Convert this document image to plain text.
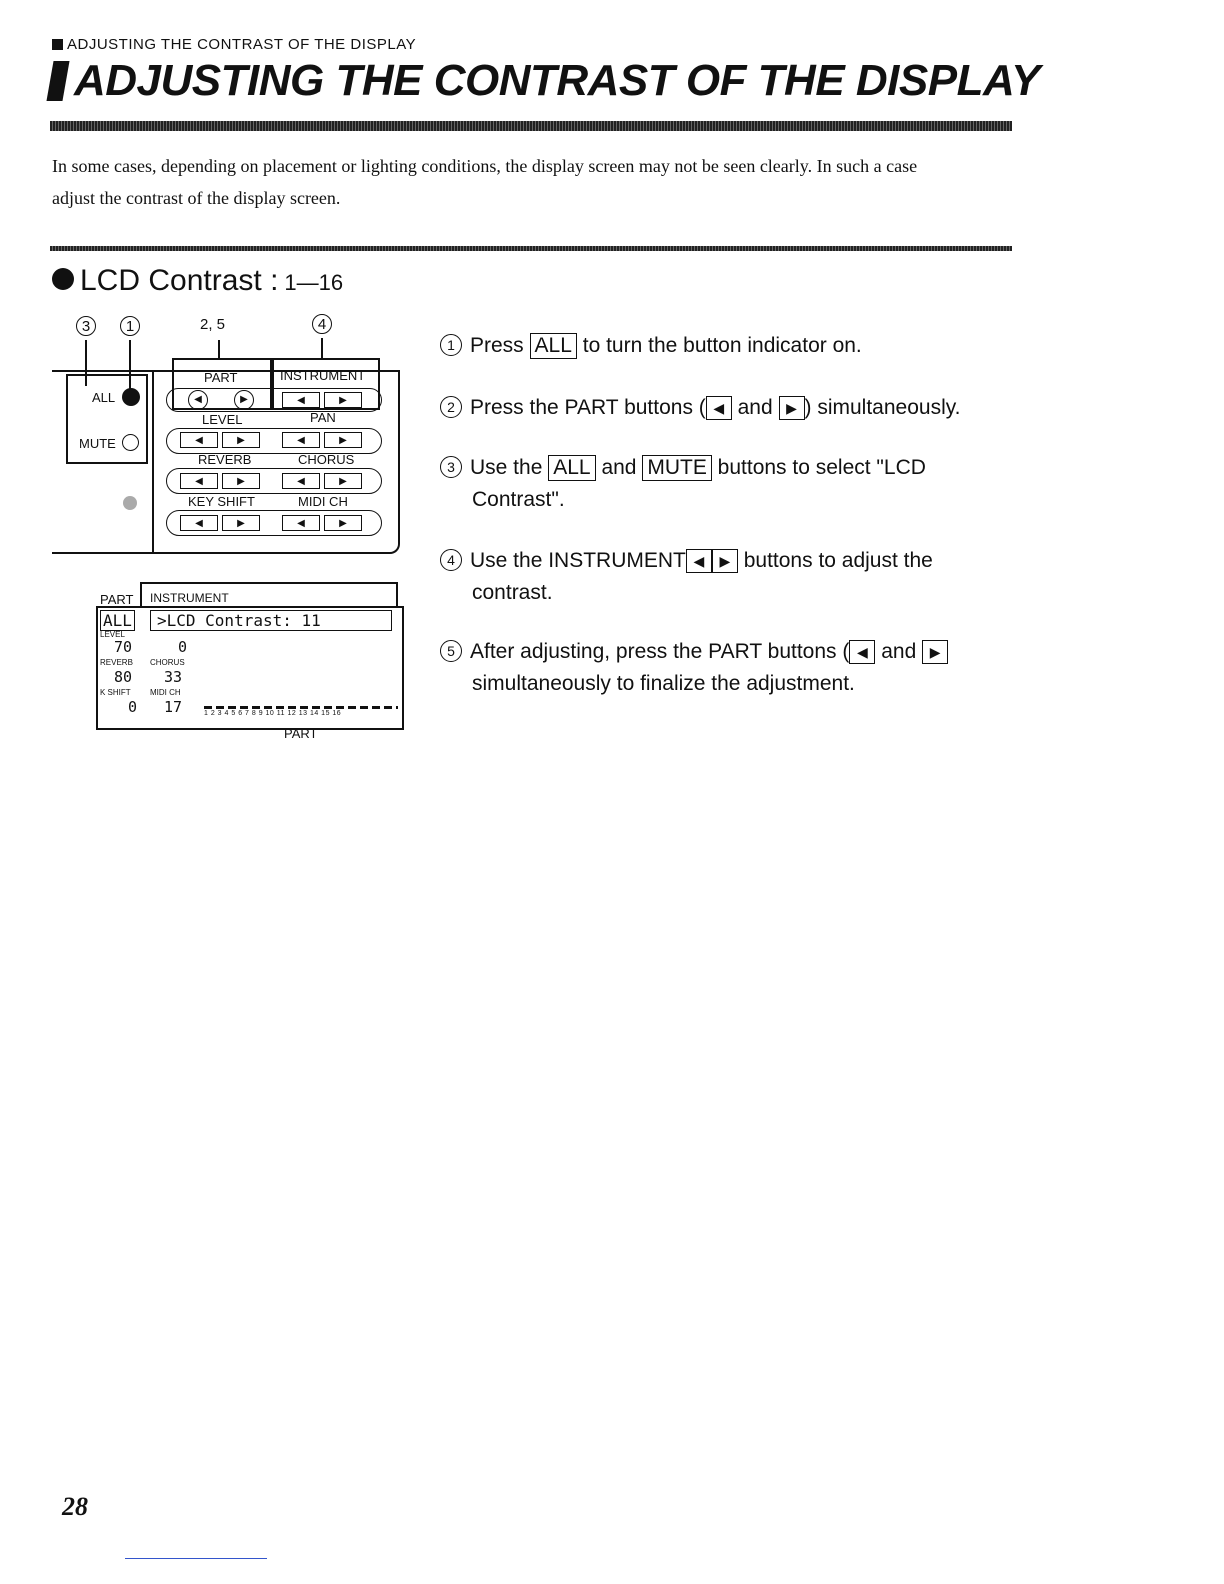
ADJUSTING THE CONTRAST OF THE DISPLAY
ADJUSTING THE CONTRAST OF THE DISPLAY
In some cases, depending on placement or lighting conditions, the display screen may not be seen clearly. In such a case
adjust the contrast of the display screen.
LCD Contrast : 1—16
3	1	2, 5	4
ALL
MUTE
PART	INSTRUMENT
◀	▶	◀	▶
LEVEL	PAN
◀	▶	◀	▶
REVERB	CHORUS
◀	▶	◀	▶
KEY SHIFT	MIDI CH
◀	▶	◀	▶
PART INSTRUMENT
ALL	>LCD Contrast: 11
LEVEL
70	0
REVERB CHORUS
80 33
K SHIFT MIDI CH
0 17	1 2 3 4 5 6 7 8 9 10 11 12 13 14 15 16
PART
1 Press ALL to turn the button indicator on.
2 Press the PART buttons ( ◀ and ▶ ) simultaneously.
3 Use the ALL and MUTE buttons to select "LCD
Contrast".
4 Use the INSTRUMENT ◀ ▶ buttons to adjust the
contrast.
5 After adjusting, press the PART buttons ( ◀ and ▶
simultaneously to finalize the adjustment.
28
